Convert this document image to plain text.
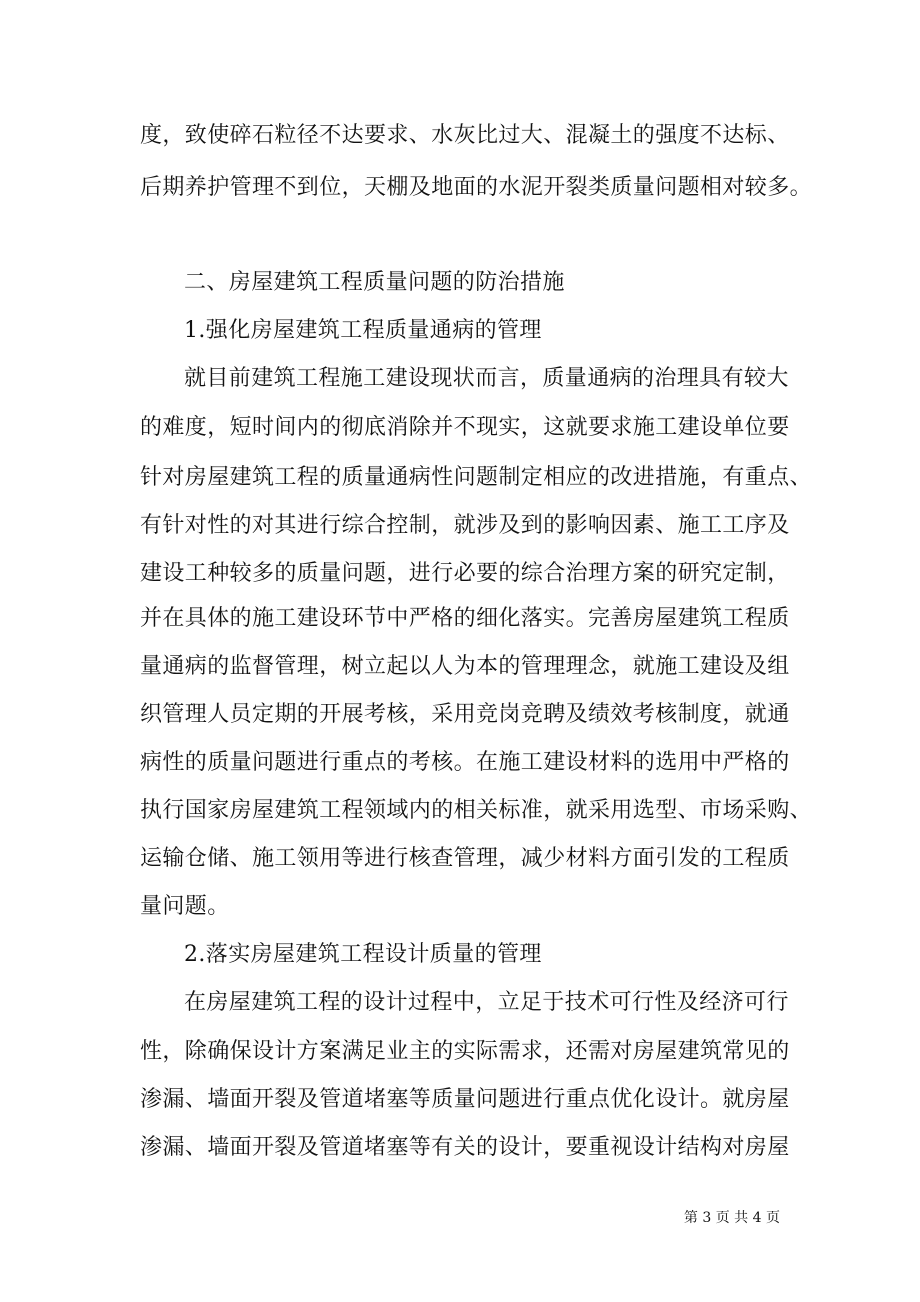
度，致使碎石粒径不达要求、水灰比过大、混凝土的强度不达标、
后期养护管理不到位，天棚及地面的水泥开裂类质量问题相对较多。
二、房屋建筑工程质量问题的防治措施
1.强化房屋建筑工程质量通病的管理
就目前建筑工程施工建设现状而言，质量通病的治理具有较大
的难度，短时间内的彻底消除并不现实，这就要求施工建设单位要
针对房屋建筑工程的质量通病性问题制定相应的改进措施，有重点、
有针对性的对其进行综合控制，就涉及到的影响因素、施工工序及
建设工种较多的质量问题，进行必要的综合治理方案的研究定制，
并在具体的施工建设环节中严格的细化落实。完善房屋建筑工程质
量通病的监督管理，树立起以人为本的管理理念，就施工建设及组
织管理人员定期的开展考核，采用竞岗竞聘及绩效考核制度，就通
病性的质量问题进行重点的考核。在施工建设材料的选用中严格的
执行国家房屋建筑工程领域内的相关标准，就采用选型、市场采购、
运输仓储、施工领用等进行核查管理，减少材料方面引发的工程质
量问题。
2.落实房屋建筑工程设计质量的管理
在房屋建筑工程的设计过程中，立足于技术可行性及经济可行
性，除确保设计方案满足业主的实际需求，还需对房屋建筑常见的
渗漏、墙面开裂及管道堵塞等质量问题进行重点优化设计。就房屋
渗漏、墙面开裂及管道堵塞等有关的设计，要重视设计结构对房屋
第 3 页 共 4 页
